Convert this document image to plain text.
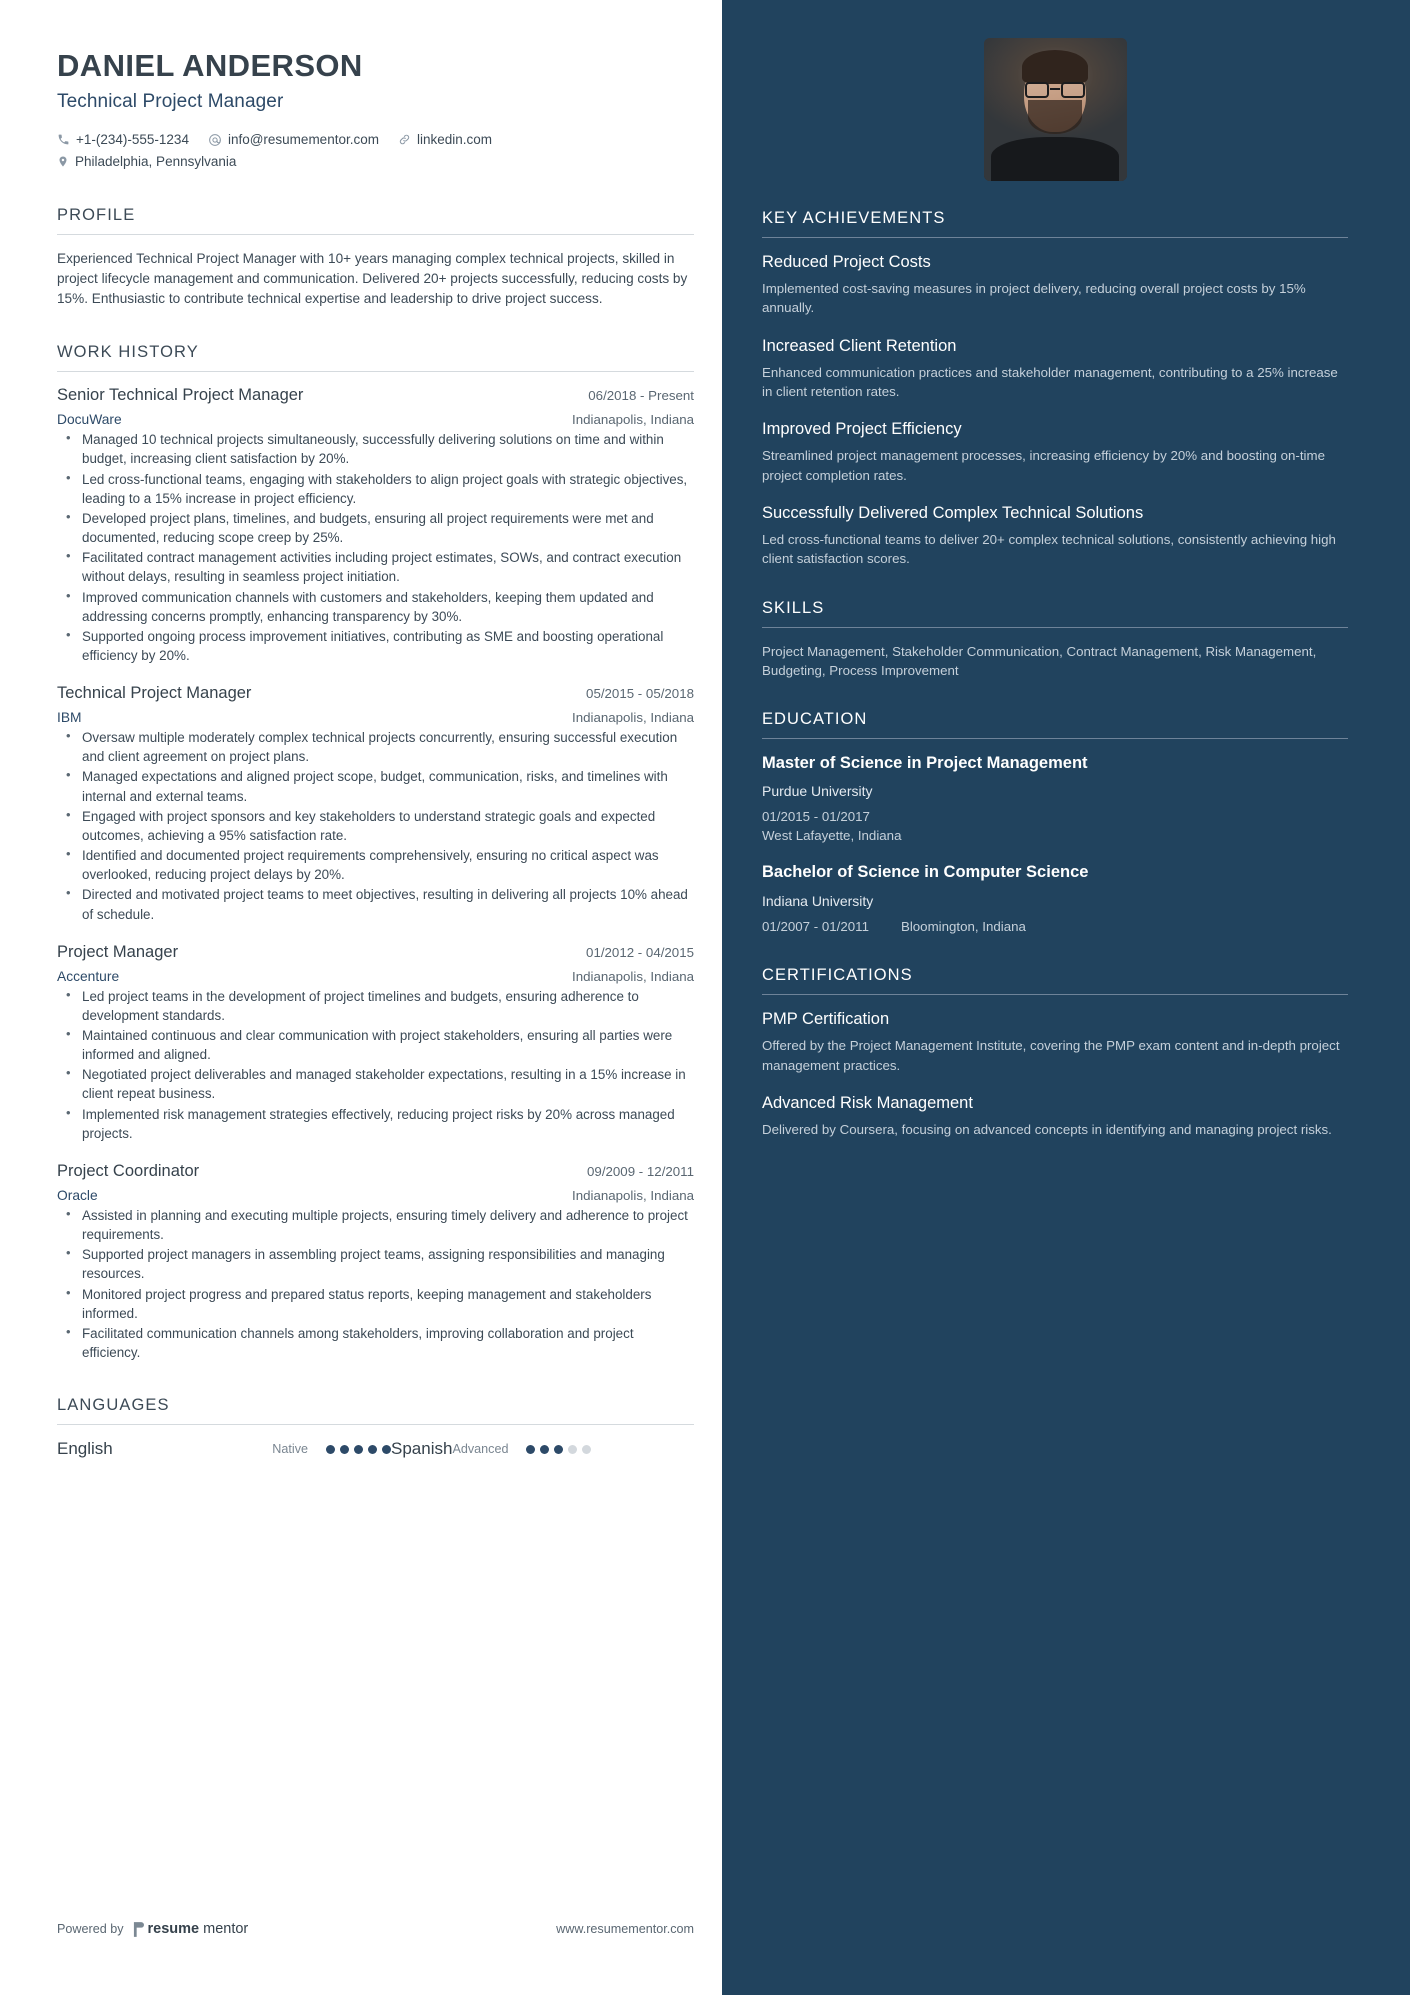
DANIEL ANDERSON
Technical Project Manager
+1-(234)-555-1234	info@resumementor.com	linkedin.com
Philadelphia, Pennsylvania
PROFILE
Experienced Technical Project Manager with 10+ years managing complex technical projects, skilled in project lifecycle management and communication. Delivered 20+ projects successfully, reducing costs by 15%. Enthusiastic to contribute technical expertise and leadership to drive project success.
WORK HISTORY
Senior Technical Project Manager	06/2018 - Present
DocuWare	Indianapolis, Indiana
• Managed 10 technical projects simultaneously, successfully delivering solutions on time and within budget, increasing client satisfaction by 20%.
• Led cross-functional teams, engaging with stakeholders to align project goals with strategic objectives, leading to a 15% increase in project efficiency.
• Developed project plans, timelines, and budgets, ensuring all project requirements were met and documented, reducing scope creep by 25%.
• Facilitated contract management activities including project estimates, SOWs, and contract execution without delays, resulting in seamless project initiation.
• Improved communication channels with customers and stakeholders, keeping them updated and addressing concerns promptly, enhancing transparency by 30%.
• Supported ongoing process improvement initiatives, contributing as SME and boosting operational efficiency by 20%.
Technical Project Manager	05/2015 - 05/2018
IBM	Indianapolis, Indiana
• Oversaw multiple moderately complex technical projects concurrently, ensuring successful execution and client agreement on project plans.
• Managed expectations and aligned project scope, budget, communication, risks, and timelines with internal and external teams.
• Engaged with project sponsors and key stakeholders to understand strategic goals and expected outcomes, achieving a 95% satisfaction rate.
• Identified and documented project requirements comprehensively, ensuring no critical aspect was overlooked, reducing project delays by 20%.
• Directed and motivated project teams to meet objectives, resulting in delivering all projects 10% ahead of schedule.
Project Manager	01/2012 - 04/2015
Accenture	Indianapolis, Indiana
• Led project teams in the development of project timelines and budgets, ensuring adherence to development standards.
• Maintained continuous and clear communication with project stakeholders, ensuring all parties were informed and aligned.
• Negotiated project deliverables and managed stakeholder expectations, resulting in a 15% increase in client repeat business.
• Implemented risk management strategies effectively, reducing project risks by 20% across managed projects.
Project Coordinator	09/2009 - 12/2011
Oracle	Indianapolis, Indiana
• Assisted in planning and executing multiple projects, ensuring timely delivery and adherence to project requirements.
• Supported project managers in assembling project teams, assigning responsibilities and managing resources.
• Monitored project progress and prepared status reports, keeping management and stakeholders informed.
• Facilitated communication channels among stakeholders, improving collaboration and project efficiency.
LANGUAGES
English	Native	Spanish Advanced
Powered by resume mentor	www.resumementor.com
KEY ACHIEVEMENTS
Reduced Project Costs
Implemented cost-saving measures in project delivery, reducing overall project costs by 15% annually.
Increased Client Retention
Enhanced communication practices and stakeholder management, contributing to a 25% increase in client retention rates.
Improved Project Efficiency
Streamlined project management processes, increasing efficiency by 20% and boosting on-time project completion rates.
Successfully Delivered Complex Technical Solutions
Led cross-functional teams to deliver 20+ complex technical solutions, consistently achieving high client satisfaction scores.
SKILLS
Project Management, Stakeholder Communication, Contract Management, Risk Management, Budgeting, Process Improvement
EDUCATION
Master of Science in Project Management
Purdue University
01/2015 - 01/2017
West Lafayette, Indiana
Bachelor of Science in Computer Science
Indiana University
01/2007 - 01/2011 Bloomington, Indiana
CERTIFICATIONS
PMP Certification
Offered by the Project Management Institute, covering the PMP exam content and in-depth project management practices.
Advanced Risk Management
Delivered by Coursera, focusing on advanced concepts in identifying and managing project risks.
